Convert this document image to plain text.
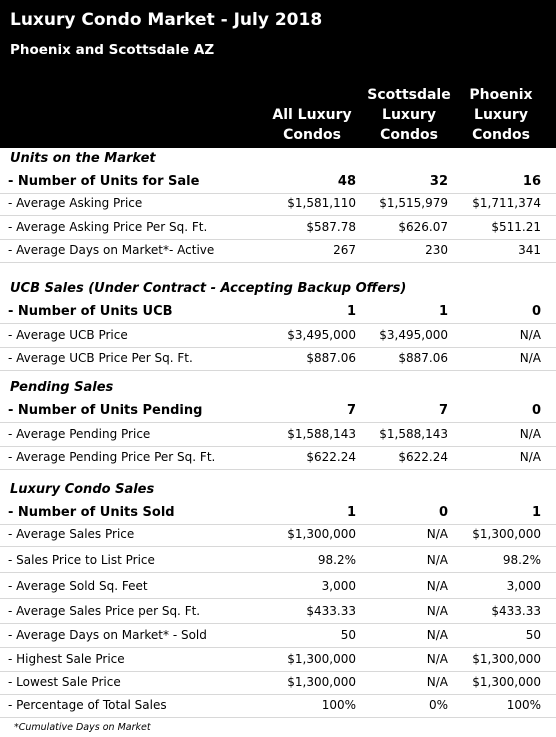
Luxury Condo Market - July 2018
Phoenix and Scottsdale AZ
All Luxury
Condos
Scottsdale
Luxury
Condos
Phoenix
Luxury
Condos
Units on the Market
- Number of Units for Sale	48	32	16
- Average Asking Price	$1,581,110 $1,515,979 $1,711,374
- Average Asking Price Per Sq. Ft.	$587.78	$626.07	$511.21
- Average Days on Market*- Active	267	230	341
UCB Sales (Under Contract - Accepting Backup Offers)
- Number of Units UCB	1	1	0
- Average UCB Price	$3,495,000 $3,495,000	N/A
- Average UCB Price Per Sq. Ft.	$887.06	$887.06	N/A
Pending Sales
- Number of Units Pending	7	7	0
- Average Pending Price	$1,588,143 $1,588,143	N/A
- Average Pending Price Per Sq. Ft.	$622.24	$622.24	N/A
Luxury Condo Sales
- Number of Units Sold	1	0	1
- Average Sales Price	$1,300,000	N/A $1,300,000
- Sales Price to List Price	98.2%	N/A	98.2%
- Average Sold Sq. Feet	3,000	N/A	3,000
- Average Sales Price per Sq. Ft.	$433.33	N/A	$433.33
- Average Days on Market* - Sold	50	N/A	50
- Highest Sale Price	$1,300,000	N/A $1,300,000
- Lowest Sale Price	$1,300,000	N/A $1,300,000
- Percentage of Total Sales	100%	0%	100%
*Cumulative Days on Market
